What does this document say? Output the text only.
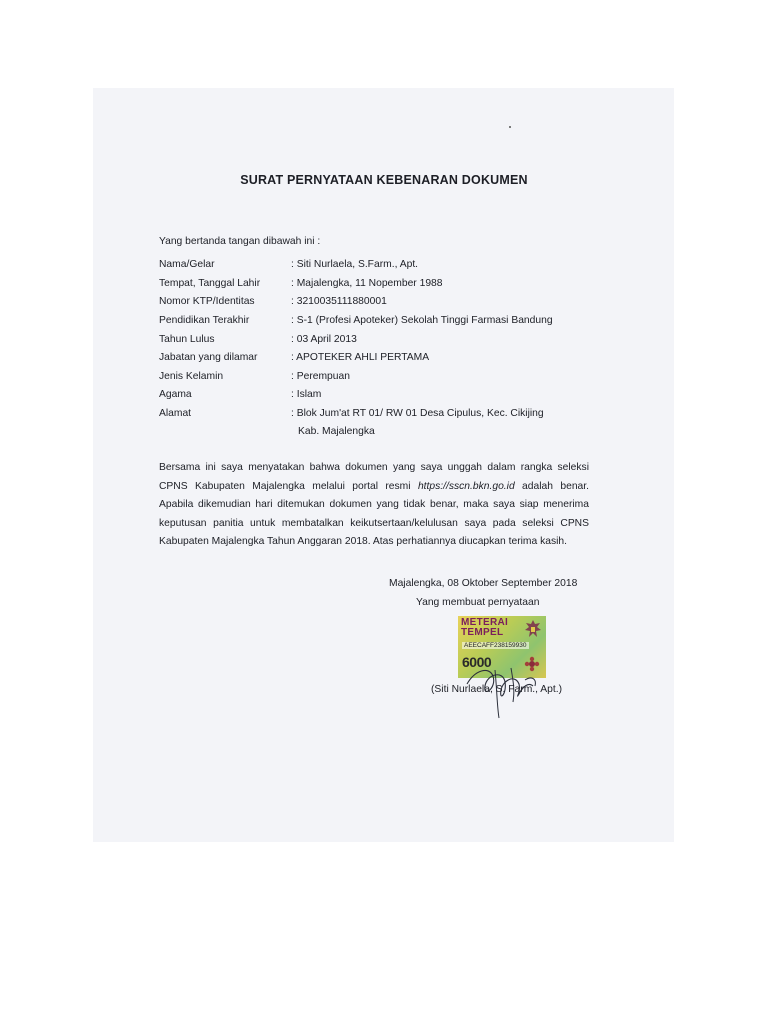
SURAT PERNYATAAN KEBENARAN DOKUMEN
Yang bertanda tangan dibawah ini :
Nama/Gelar	: Siti Nurlaela, S.Farm., Apt.
Tempat, Tanggal Lahir	: Majalengka, 11 Nopember 1988
Nomor KTP/Identitas	: 3210035111880001
Pendidikan Terakhir	: S-1 (Profesi Apoteker) Sekolah Tinggi Farmasi Bandung
Tahun Lulus	: 03 April 2013
Jabatan yang dilamar	: APOTEKER AHLI PERTAMA
Jenis Kelamin	: Perempuan
Agama	: Islam
Alamat	: Blok Jum'at RT 01/ RW 01 Desa Cipulus, Kec. Cikijing
Kab. Majalengka
Bersama ini saya menyatakan bahwa dokumen yang saya unggah dalam rangka seleksi
CPNS Kabupaten Majalengka melalui portal resmi https://sscn.bkn.go.id adalah benar.
Apabila dikemudian hari ditemukan dokumen yang tidak benar, maka saya siap menerima
keputusan panitia untuk membatalkan keikutsertaan/kelulusan saya pada seleksi CPNS
Kabupaten Majalengka Tahun Anggaran 2018. Atas perhatiannya diucapkan terima kasih.
Majalengka, 08 Oktober September 2018
Yang membuat pernyataan
METERAI
TEMPEL
AEECAFF238159930
6000
(Siti Nurlaela, S. Farm., Apt.)
